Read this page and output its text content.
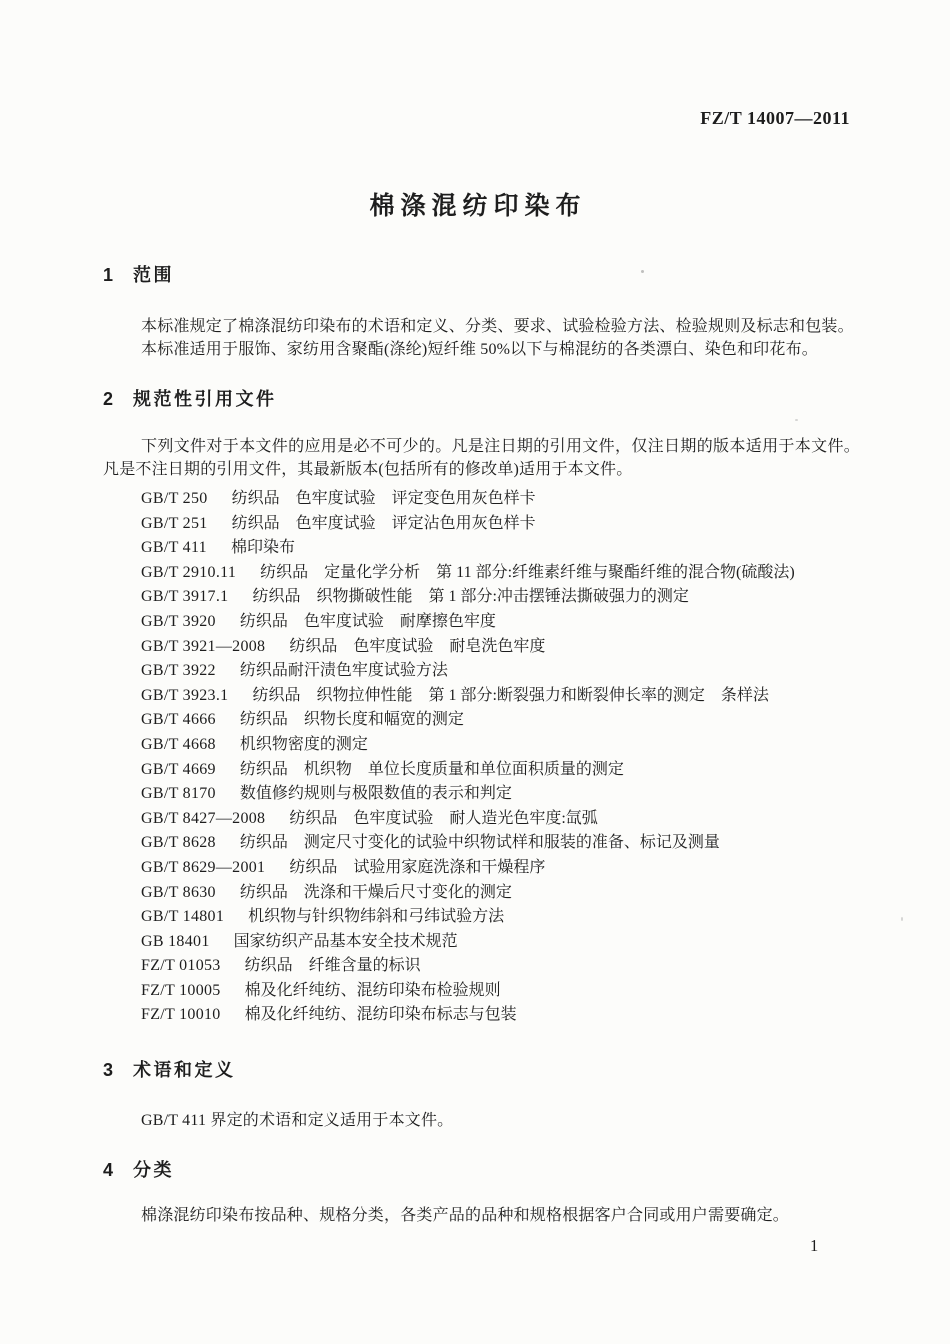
FZ/T 14007—2011
棉涤混纺印染布
1 范围

本标准规定了棉涤混纺印染布的术语和定义、分类、要求、试验检验方法、检验规则及标志和包装。

本标准适用于服饰、家纺用含聚酯(涤纶)短纤维 50%以下与棉混纺的各类漂白、染色和印花布。

2 规范性引用文件

下列文件对于本文件的应用是必不可少的。凡是注日期的引用文件，仅注日期的版本适用于本文件。凡是不注日期的引用文件，其最新版本(包括所有的修改单)适用于本文件。

GB/T 250 纺织品　色牢度试验　评定变色用灰色样卡
GB/T 251 纺织品　色牢度试验　评定沾色用灰色样卡
GB/T 411 棉印染布
GB/T 2910.11 纺织品　定量化学分析　第 11 部分:纤维素纤维与聚酯纤维的混合物(硫酸法)
GB/T 3917.1 纺织品　织物撕破性能　第 1 部分:冲击摆锤法撕破强力的测定
GB/T 3920 纺织品　色牢度试验　耐摩擦色牢度
GB/T 3921—2008 纺织品　色牢度试验　耐皂洗色牢度
GB/T 3922 纺织品耐汗渍色牢度试验方法
GB/T 3923.1 纺织品　织物拉伸性能　第 1 部分:断裂强力和断裂伸长率的测定　条样法
GB/T 4666 纺织品　织物长度和幅宽的测定
GB/T 4668 机织物密度的测定
GB/T 4669 纺织品　机织物　单位长度质量和单位面积质量的测定
GB/T 8170 数值修约规则与极限数值的表示和判定
GB/T 8427—2008 纺织品　色牢度试验　耐人造光色牢度:氙弧
GB/T 8628 纺织品　测定尺寸变化的试验中织物试样和服装的准备、标记及测量
GB/T 8629—2001 纺织品　试验用家庭洗涤和干燥程序
GB/T 8630 纺织品　洗涤和干燥后尺寸变化的测定
GB/T 14801 机织物与针织物纬斜和弓纬试验方法
GB 18401 国家纺织产品基本安全技术规范
FZ/T 01053 纺织品　纤维含量的标识
FZ/T 10005 棉及化纤纯纺、混纺印染布检验规则
FZ/T 10010 棉及化纤纯纺、混纺印染布标志与包装
3 术语和定义

GB/T 411 界定的术语和定义适用于本文件。

4 分类

棉涤混纺印染布按品种、规格分类，各类产品的品种和规格根据客户合同或用户需要确定。

1
